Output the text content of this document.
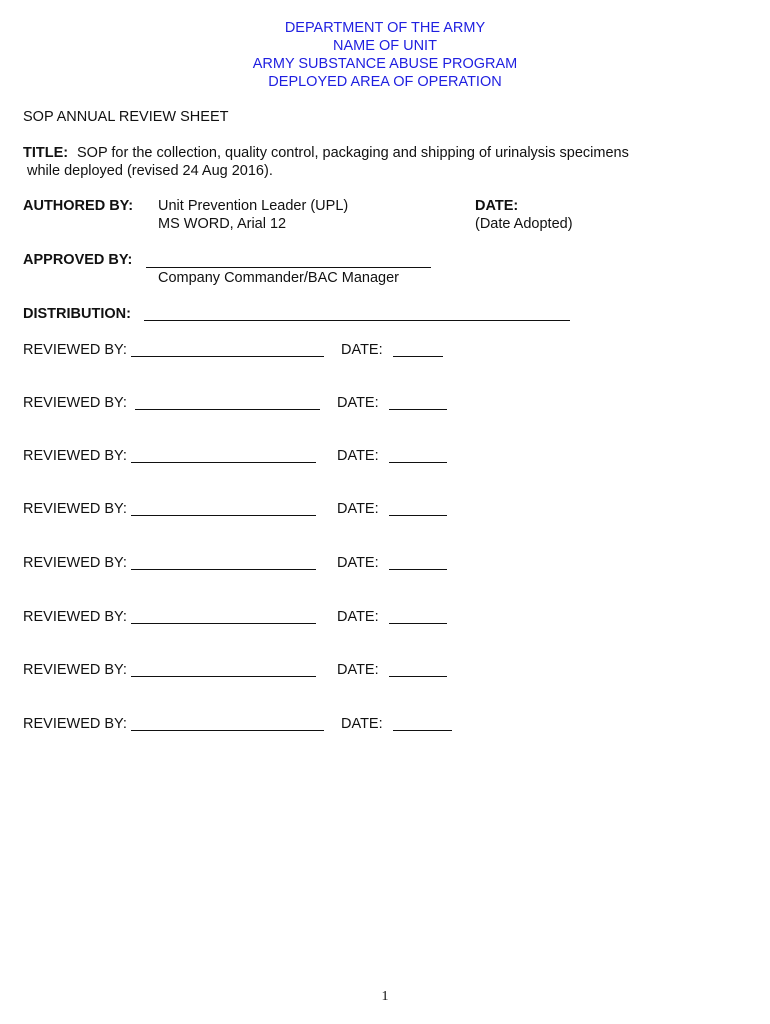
DEPARTMENT OF THE ARMY
NAME OF UNIT
ARMY SUBSTANCE ABUSE PROGRAM
DEPLOYED AREA OF OPERATION
SOP ANNUAL REVIEW SHEET
TITLE: SOP for the collection, quality control, packaging and shipping of urinalysis specimens
while deployed (revised 24 Aug 2016).
AUTHORED BY: Unit Prevention Leader (UPL)
MS WORD, Arial 12
DATE:
(Date Adopted)
APPROVED BY:
Company Commander/BAC Manager
DISTRIBUTION:
REVIEWED BY:	DATE:
REVIEWED BY:	DATE:
REVIEWED BY:	DATE:
REVIEWED BY:	DATE:
REVIEWED BY:	DATE:
REVIEWED BY:	DATE:
REVIEWED BY:	DATE:
REVIEWED BY:	DATE:
1
